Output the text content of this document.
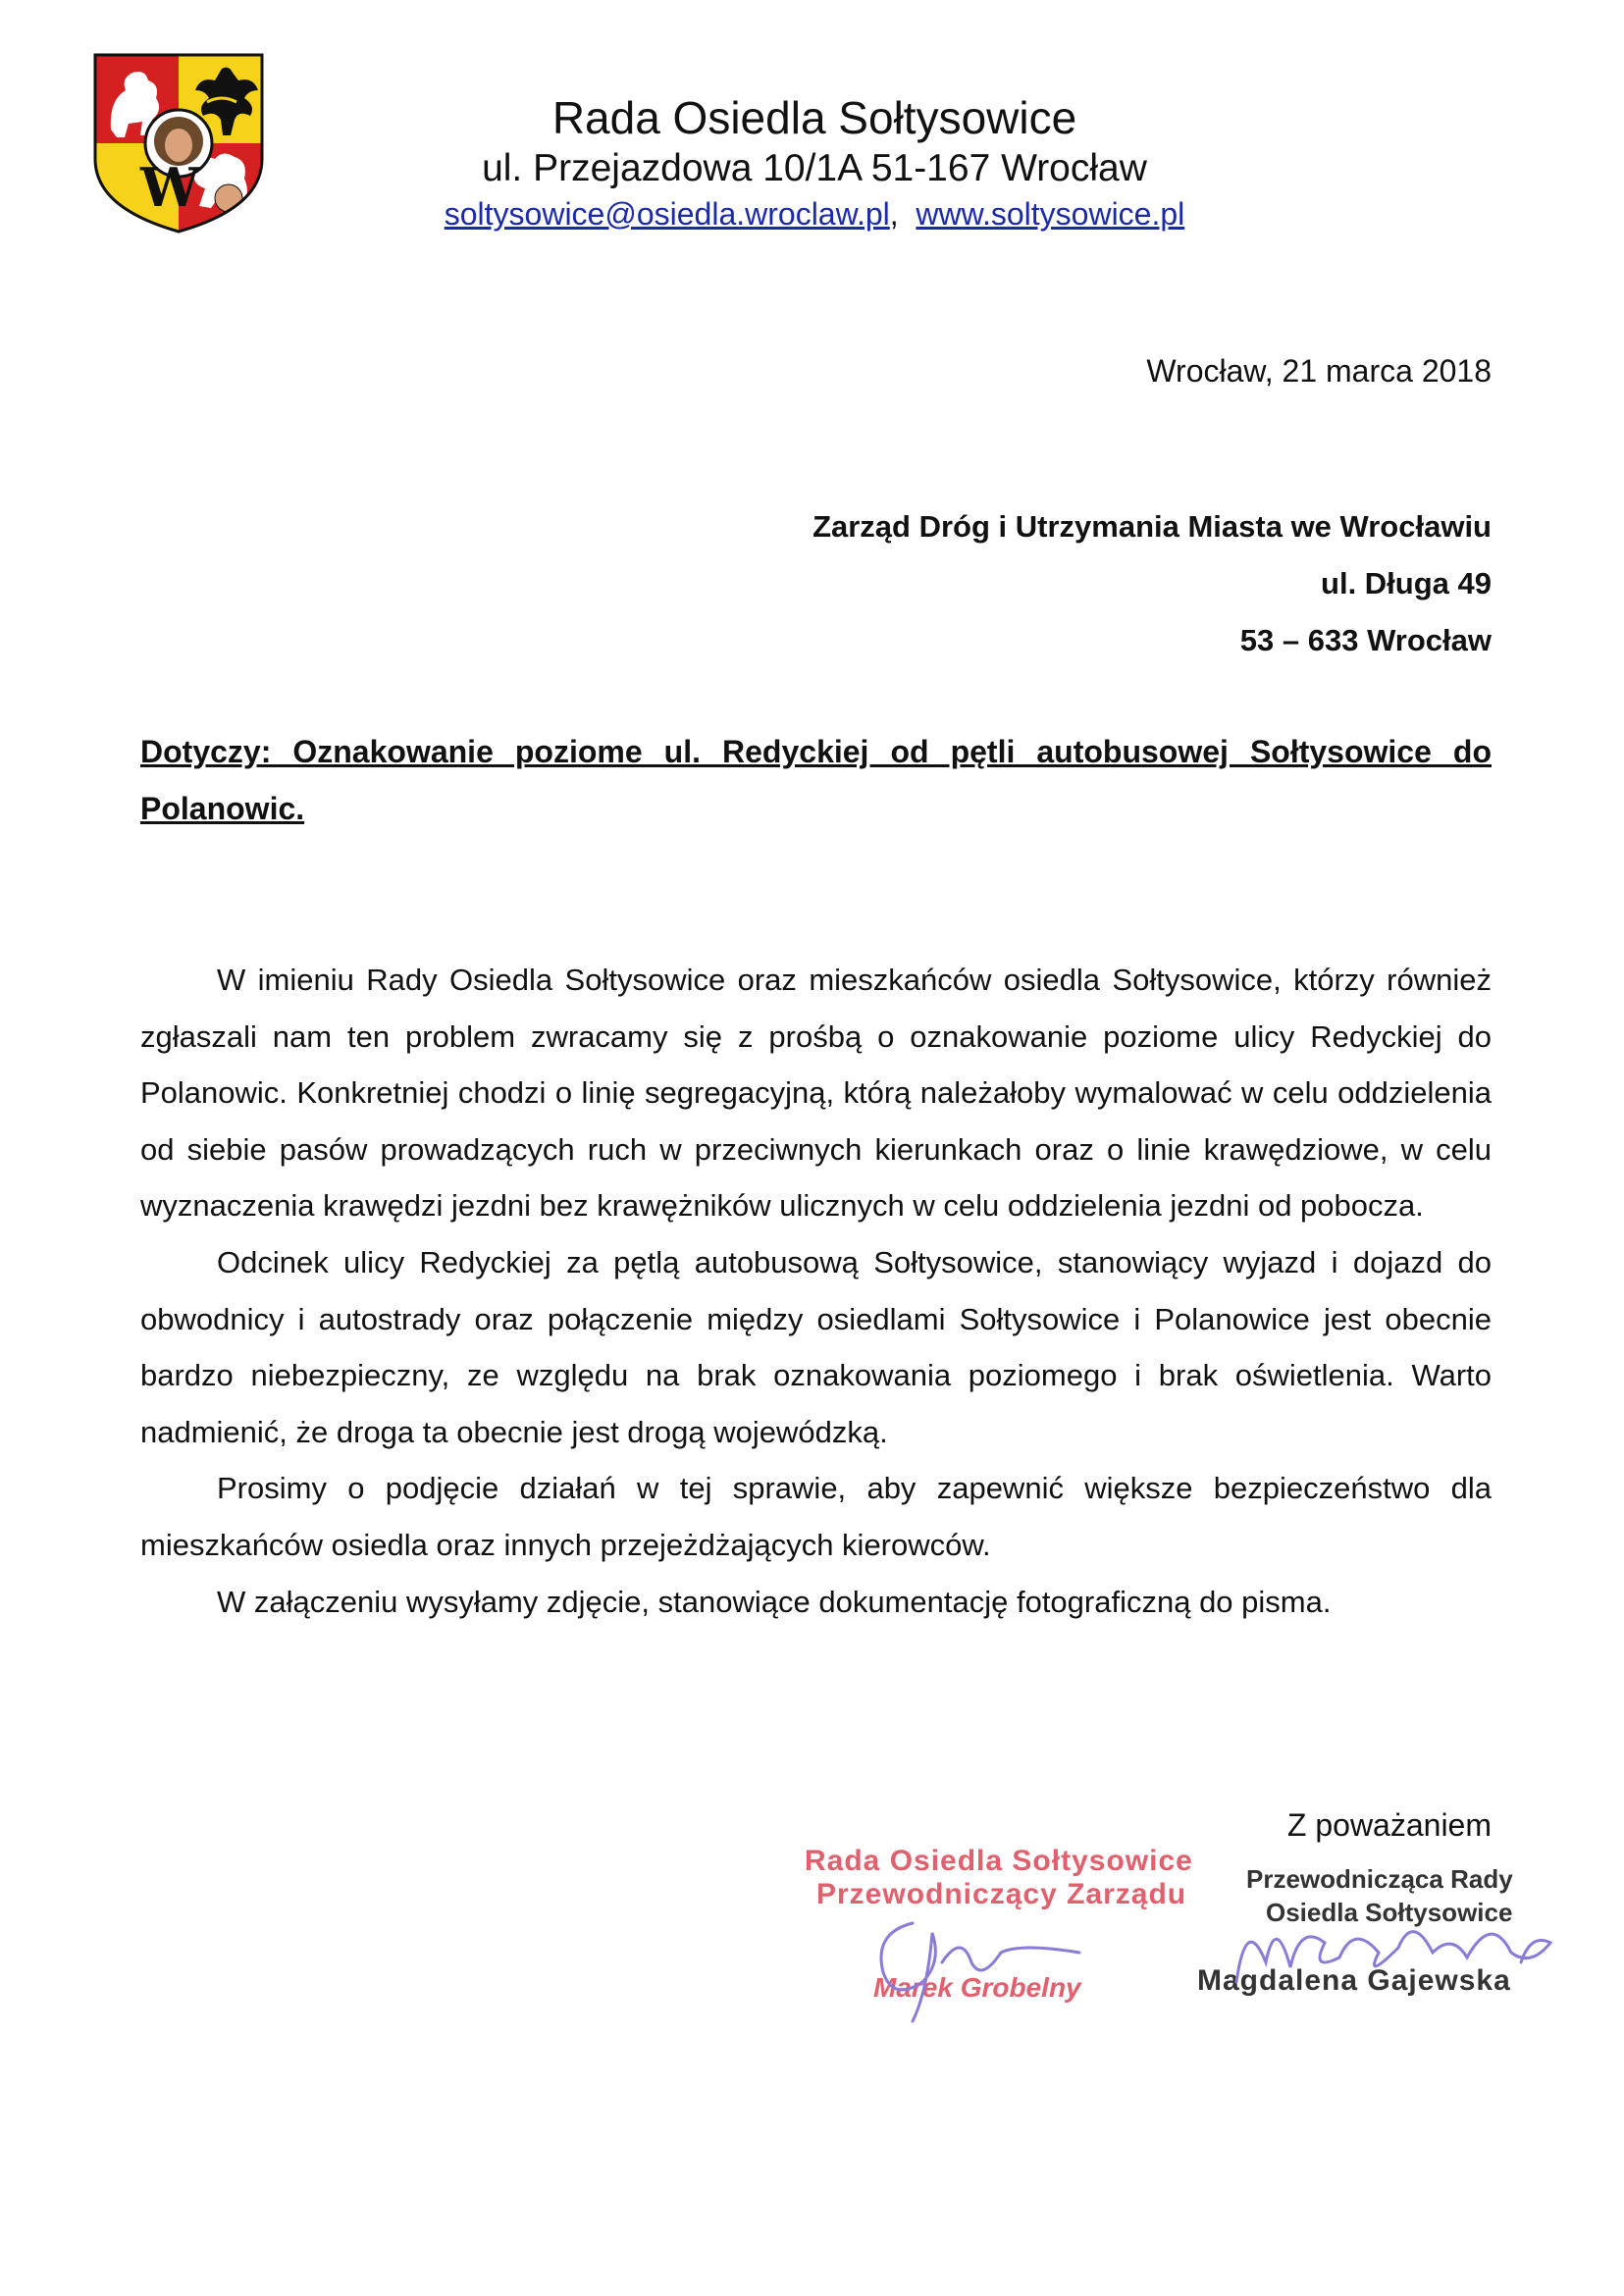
W
Rada Osiedla Sołtysowice
ul. Przejazdowa 10/1A 51-167 Wrocław
soltysowice@osiedla.wroclaw.pl,  www.soltysowice.pl
Wrocław, 21 marca 2018
Zarząd Dróg i Utrzymania Miasta we Wrocławiu
ul. Długa 49
53 – 633 Wrocław
Dotyczy: Oznakowanie poziome ul. Redyckiej od pętli autobusowej Sołtysowice do Polanowic.

W imieniu Rady Osiedla Sołtysowice oraz mieszkańców osiedla Sołtysowice, którzy również zgłaszali nam ten problem zwracamy się z prośbą o oznakowanie poziome ulicy Redyckiej do Polanowic. Konkretniej chodzi o linię segregacyjną, którą należałoby wymalować w celu oddzielenia od siebie pasów prowadzących ruch w przeciwnych kierunkach oraz o linie krawędziowe, w celu wyznaczenia krawędzi jezdni bez krawężników ulicznych w celu oddzielenia jezdni od pobocza.

Odcinek ulicy Redyckiej za pętlą autobusową Sołtysowice, stanowiący wyjazd i dojazd do obwodnicy i autostrady oraz połączenie między osiedlami Sołtysowice i Polanowice jest obecnie bardzo niebezpieczny, ze względu na brak oznakowania poziomego i brak oświetlenia. Warto nadmienić, że droga ta obecnie jest drogą wojewódzką.

Prosimy o podjęcie działań w tej sprawie, aby zapewnić większe bezpieczeństwo dla mieszkańców osiedla oraz innych przejeżdżających kierowców.

W załączeniu wysyłamy zdjęcie, stanowiące dokumentację fotograficzną do pisma.

Z poważaniem
Rada Osiedla Sołtysowice
Przewodniczący Zarządu
Marek Grobelny
Przewodnicząca Rady
Osiedla Sołtysowice
Magdalena Gajewska
